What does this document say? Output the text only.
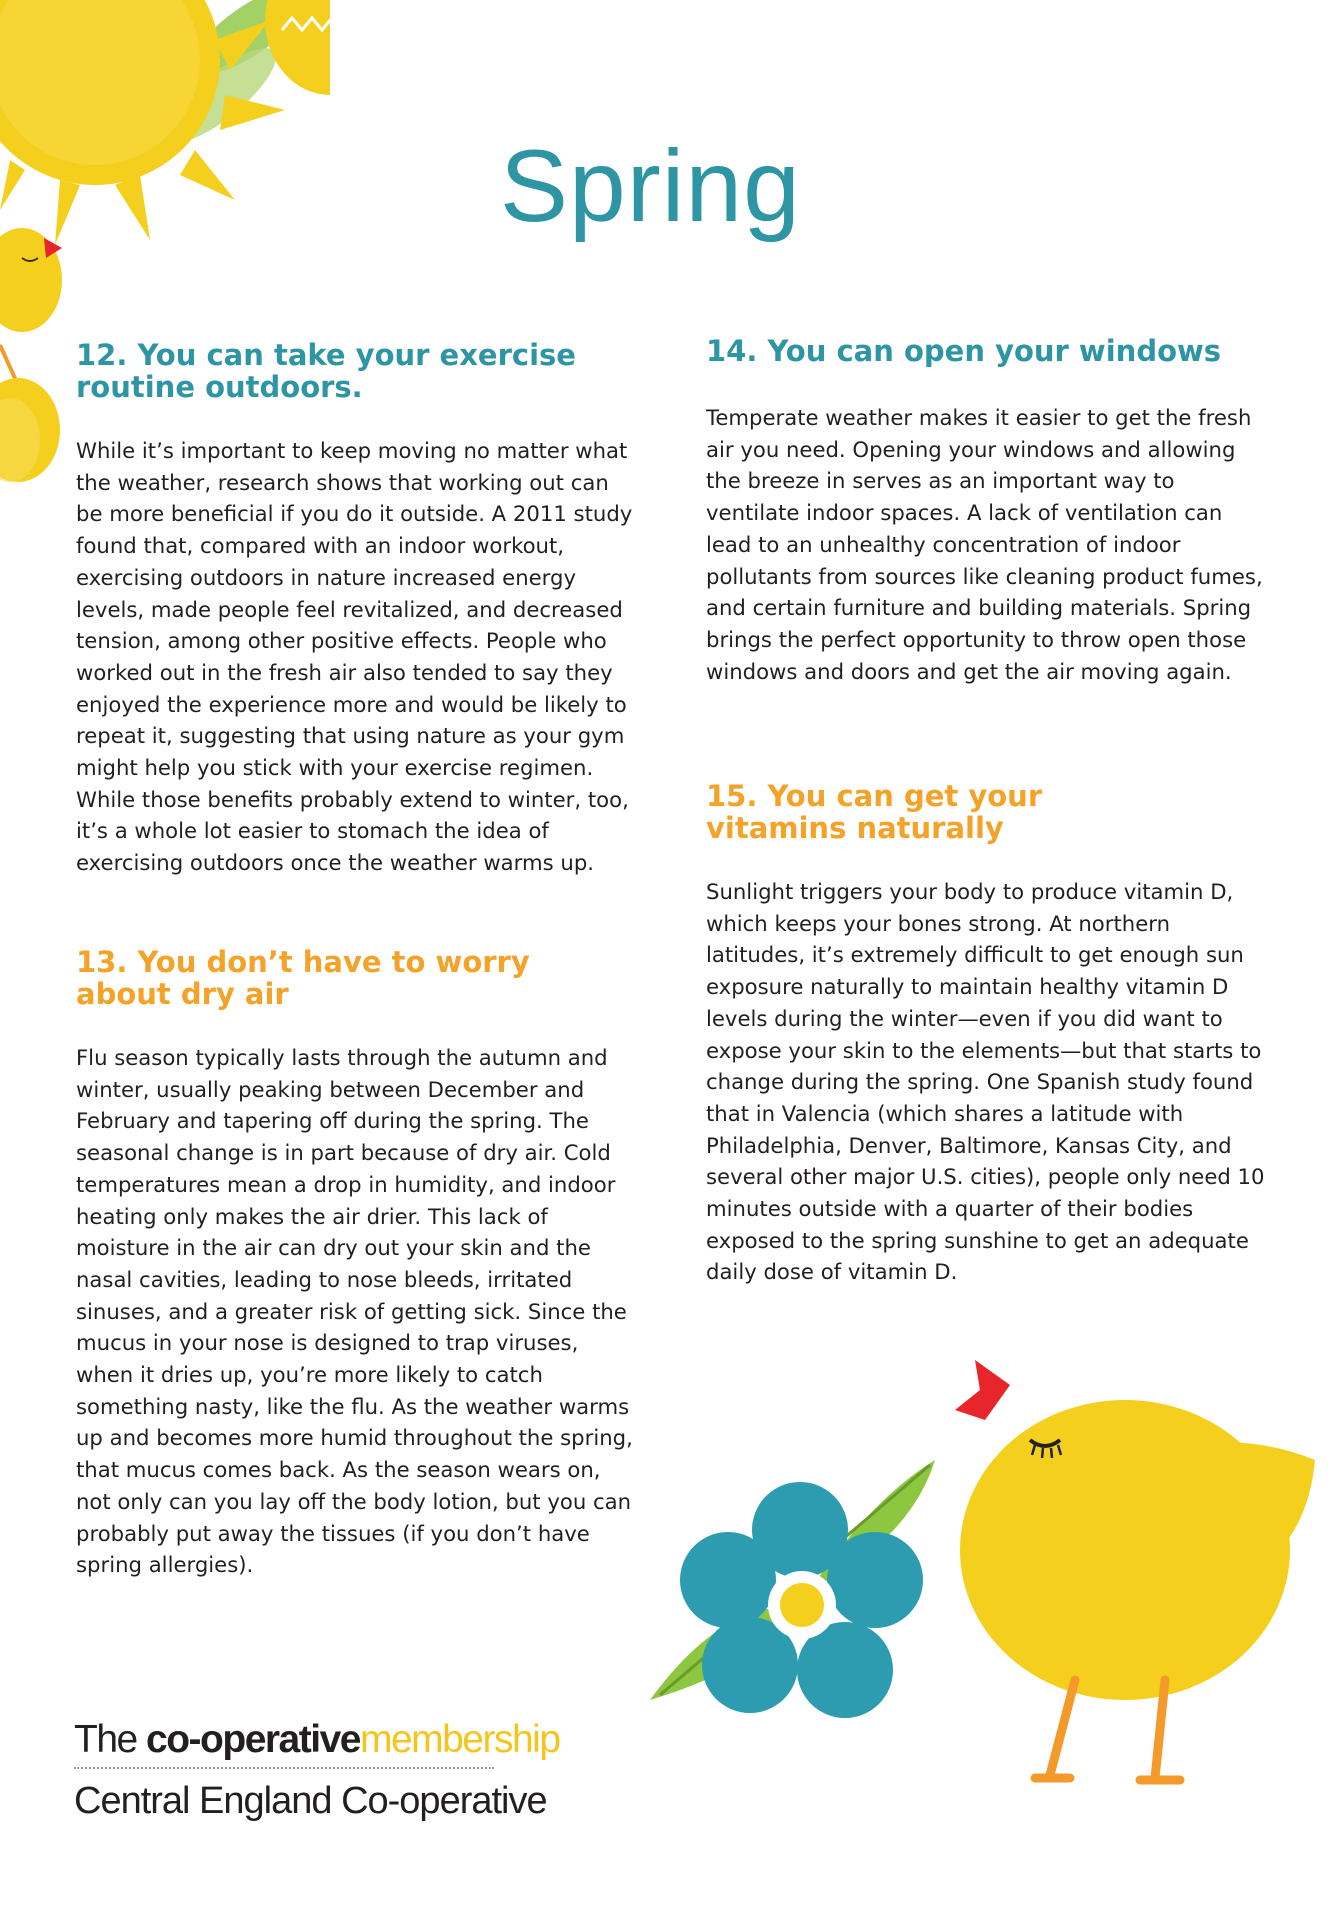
Spring
12. You can take your exercise routine outdoors.

While it’s important to keep moving no matter what the weather, research shows that working out can be more beneficial if you do it outside. A 2011 study found that, compared with an indoor workout, exercising outdoors in nature increased energy levels, made people feel revitalized, and decreased tension, among other positive effects. People who worked out in the fresh air also tended to say they enjoyed the experience more and would be likely to repeat it, suggesting that using nature as your gym might help you stick with your exercise regimen. While those benefits probably extend to winter, too, it’s a whole lot easier to stomach the idea of exercising outdoors once the weather warms up.

13. You don’t have to worry about dry air

Flu season typically lasts through the autumn and winter, usually peaking between December and February and tapering off during the spring. The seasonal change is in part because of dry air. Cold temperatures mean a drop in humidity, and indoor heating only makes the air drier. This lack of moisture in the air can dry out your skin and the nasal cavities, leading to nose bleeds, irritated sinuses, and a greater risk of getting sick. Since the mucus in your nose is designed to trap viruses, when it dries up, you’re more likely to catch something nasty, like the flu. As the weather warms up and becomes more humid throughout the spring, that mucus comes back. As the season wears on, not only can you lay off the body lotion, but you can probably put away the tissues (if you don’t have spring allergies).

14. You can open your windows

Temperate weather makes it easier to get the fresh air you need. Opening your windows and allowing the breeze in serves as an important way to ventilate indoor spaces. A lack of ventilation can lead to an unhealthy concentration of indoor pollutants from sources like cleaning product fumes, and certain furniture and building materials. Spring brings the perfect opportunity to throw open those windows and doors and get the air moving again.

15. You can get your vitamins naturally

Sunlight triggers your body to produce vitamin D, which keeps your bones strong. At northern latitudes, it’s extremely difficult to get enough sun exposure naturally to maintain healthy vitamin D levels during the winter—even if you did want to expose your skin to the elements—but that starts to change during the spring. One Spanish study found that in Valencia (which shares a latitude with Philadelphia, Denver, Baltimore, Kansas City, and several other major U.S. cities), people only need 10 minutes outside with a quarter of their bodies exposed to the spring sunshine to get an adequate daily dose of vitamin D.

The co-operativemembership
Central England Co-operative
